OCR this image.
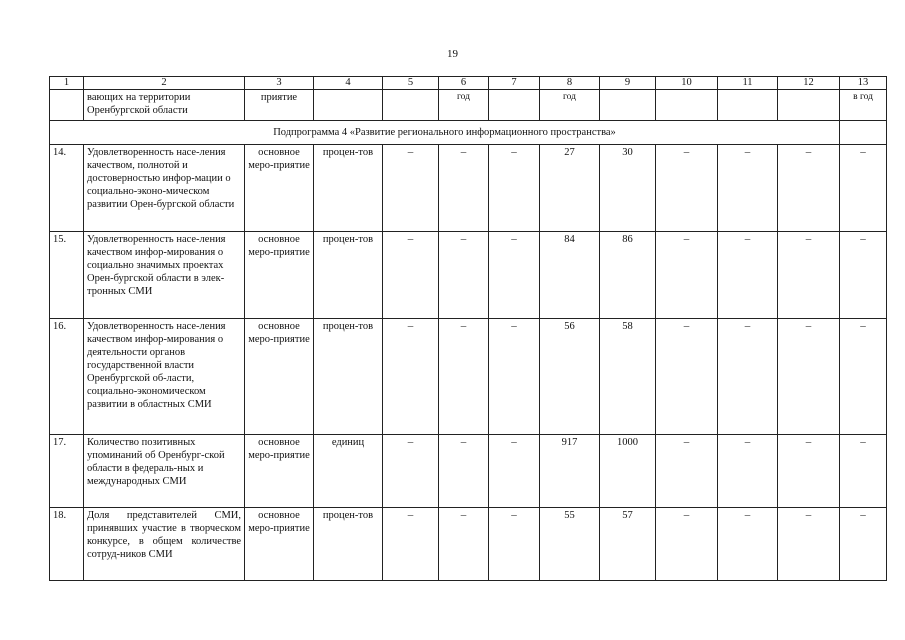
19
1	2	3	4	5	6	7	8	9	10	11	12	13
	вающих на территории Оренбургской области	приятие			год		год					в год
Подпрограмма 4 «Развитие регионального информационного пространства»												
14.	Удовлетворенность насе-ления качеством, полнотой и достоверностью инфор-мации о социально-эконо-мическом развитии Орен-бургской области	основное меро-приятие	процен-тов	–	–	–	27	30	–	–	–	–
15.	Удовлетворенность насе-ления качеством инфор-мирования о социально значимых проектах Орен-бургской области в элек-тронных СМИ	основное меро-приятие	процен-тов	–	–	–	84	86	–	–	–	–
16.	Удовлетворенность насе-ления качеством инфор-мирования о деятельности органов государственной власти Оренбургской об-ласти, социально-экономическом развитии в областных СМИ	основное меро-приятие	процен-тов	–	–	–	56	58	–	–	–	–
17.	Количество позитивных упоминаний об Оренбург-ской области в федераль-ных и международных СМИ	основное меро-приятие	единиц	–	–	–	917	1000	–	–	–	–
18.	Доля представителей СМИ, принявших участие в творческом конкурсе, в общем количестве сотруд-ников СМИ	основное меро-приятие	процен-тов	–	–	–	55	57	–	–	–	–
